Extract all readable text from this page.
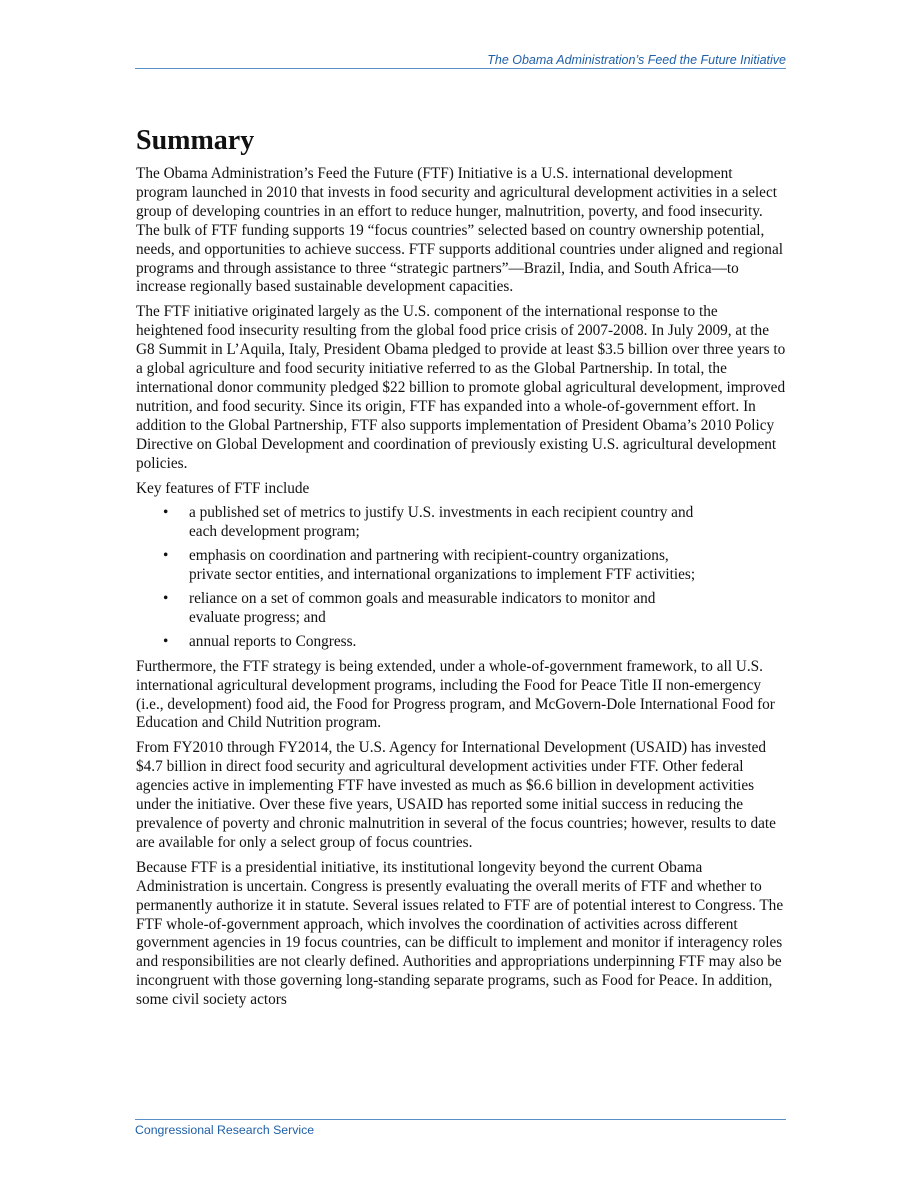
The Obama Administration’s Feed the Future Initiative
Summary

The Obama Administration’s Feed the Future (FTF) Initiative is a U.S. international development program launched in 2010 that invests in food security and agricultural development activities in a select group of developing countries in an effort to reduce hunger, malnutrition, poverty, and food insecurity. The bulk of FTF funding supports 19 “focus countries” selected based on country ownership potential, needs, and opportunities to achieve success. FTF supports additional countries under aligned and regional programs and through assistance to three “strategic partners”—Brazil, India, and South Africa—to increase regionally based sustainable development capacities.

The FTF initiative originated largely as the U.S. component of the international response to the heightened food insecurity resulting from the global food price crisis of 2007-2008. In July 2009, at the G8 Summit in L’Aquila, Italy, President Obama pledged to provide at least $3.5 billion over three years to a global agriculture and food security initiative referred to as the Global Partnership. In total, the international donor community pledged $22 billion to promote global agricultural development, improved nutrition, and food security. Since its origin, FTF has expanded into a whole-of-government effort. In addition to the Global Partnership, FTF also supports implementation of President Obama’s 2010 Policy Directive on Global Development and coordination of previously existing U.S. agricultural development policies.

Key features of FTF include

• a published set of metrics to justify U.S. investments in each recipient country and each development program;
• emphasis on coordination and partnering with recipient-country organizations, private sector entities, and international organizations to implement FTF activities;
• reliance on a set of common goals and measurable indicators to monitor and evaluate progress; and
• annual reports to Congress.

Furthermore, the FTF strategy is being extended, under a whole-of-government framework, to all U.S. international agricultural development programs, including the Food for Peace Title II non-emergency (i.e., development) food aid, the Food for Progress program, and McGovern-Dole International Food for Education and Child Nutrition program.

From FY2010 through FY2014, the U.S. Agency for International Development (USAID) has invested $4.7 billion in direct food security and agricultural development activities under FTF. Other federal agencies active in implementing FTF have invested as much as $6.6 billion in development activities under the initiative. Over these five years, USAID has reported some initial success in reducing the prevalence of poverty and chronic malnutrition in several of the focus countries; however, results to date are available for only a select group of focus countries.

Because FTF is a presidential initiative, its institutional longevity beyond the current Obama Administration is uncertain. Congress is presently evaluating the overall merits of FTF and whether to permanently authorize it in statute. Several issues related to FTF are of potential interest to Congress. The FTF whole-of-government approach, which involves the coordination of activities across different government agencies in 19 focus countries, can be difficult to implement and monitor if interagency roles and responsibilities are not clearly defined. Authorities and appropriations underpinning FTF may also be incongruent with those governing long-standing separate programs, such as Food for Peace. In addition, some civil society actors

Congressional Research Service
